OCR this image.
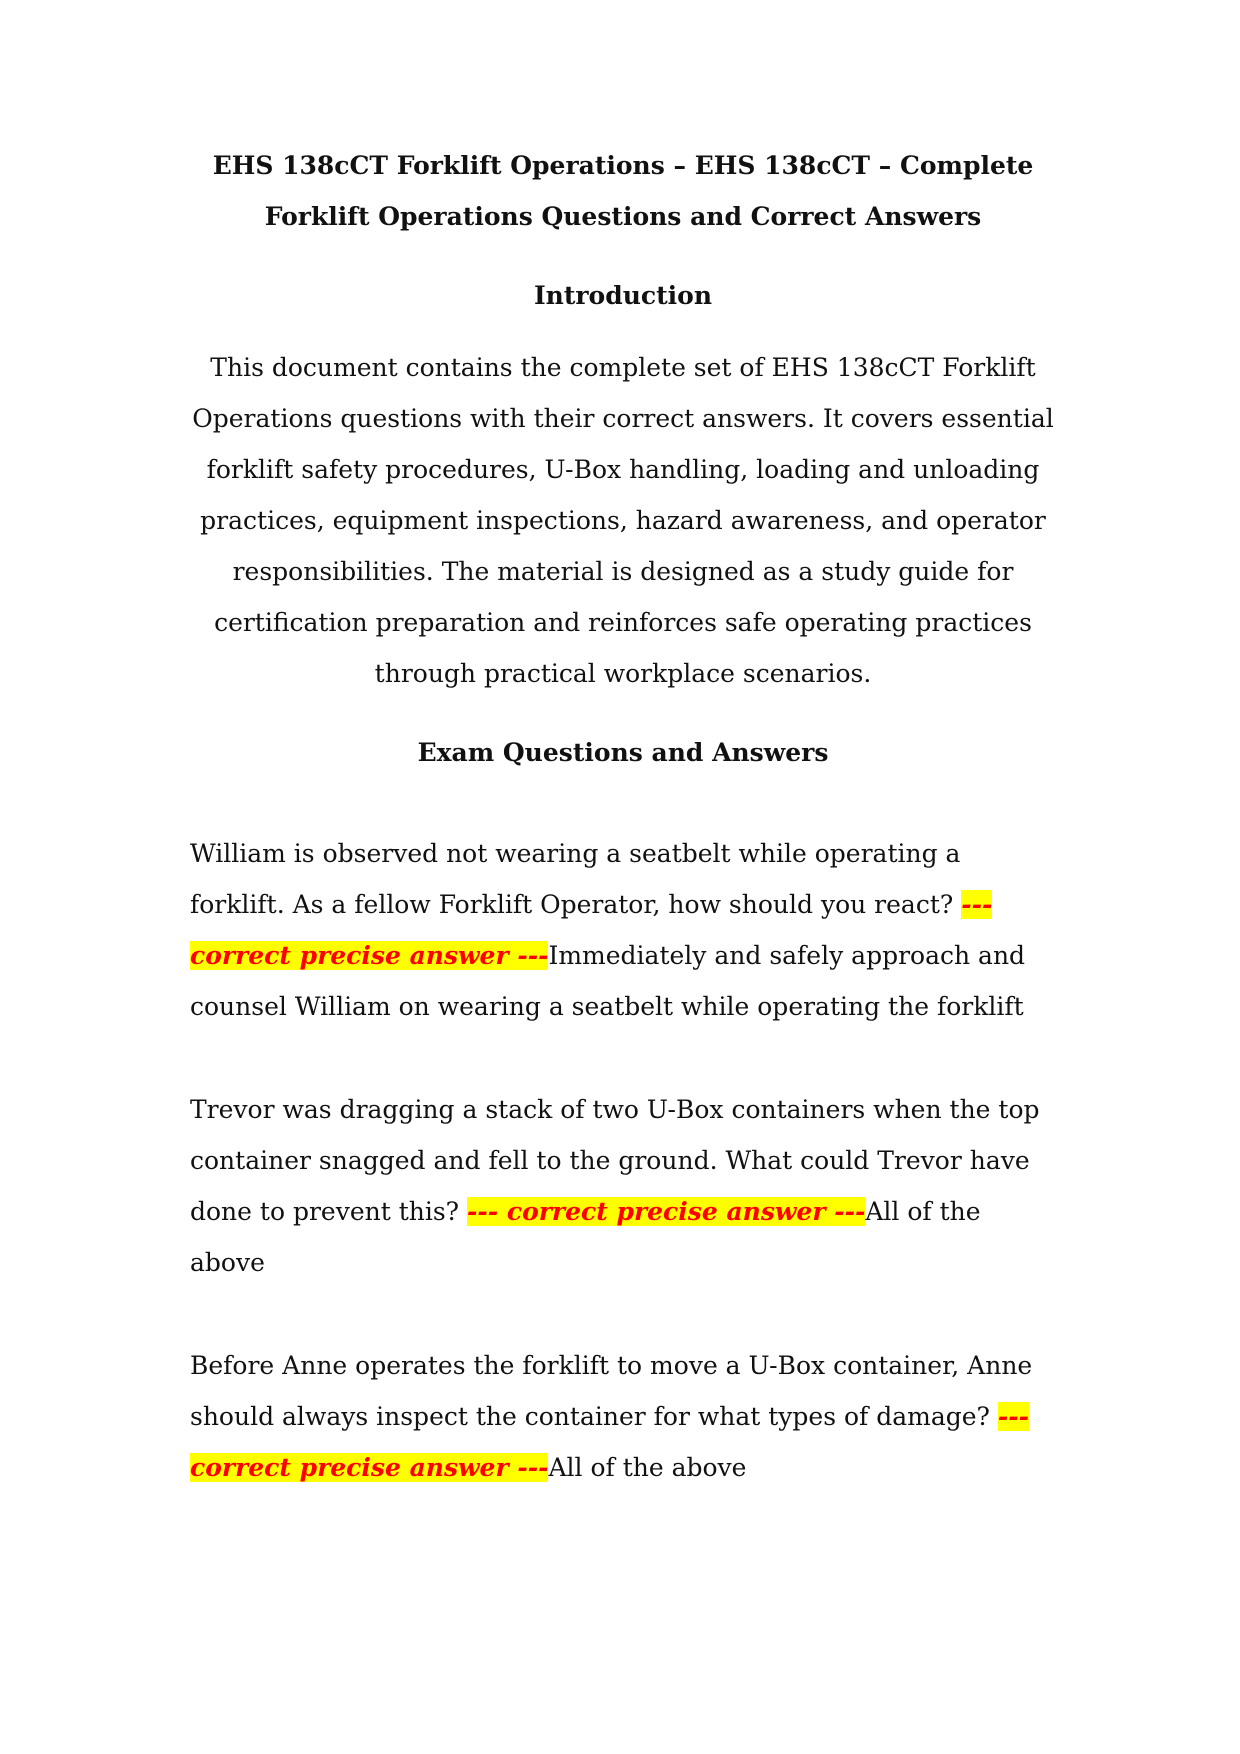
EHS 138cCT Forklift Operations – EHS 138cCT – Complete Forklift Operations Questions and Correct Answers

Introduction

This document contains the complete set of EHS 138cCT Forklift Operations questions with their correct answers. It covers essential forklift safety procedures, U-Box handling, loading and unloading practices, equipment inspections, hazard awareness, and operator responsibilities. The material is designed as a study guide for certification preparation and reinforces safe operating practices through practical workplace scenarios.

Exam Questions and Answers

William is observed not wearing a seatbelt while operating a forklift. As a fellow Forklift Operator, how should you react? --- correct precise answer ---Immediately and safely approach and counsel William on wearing a seatbelt while operating the forklift

Trevor was dragging a stack of two U-Box containers when the top container snagged and fell to the ground. What could Trevor have done to prevent this? --- correct precise answer ---All of the above

Before Anne operates the forklift to move a U-Box container, Anne should always inspect the container for what types of damage? --- correct precise answer ---All of the above
